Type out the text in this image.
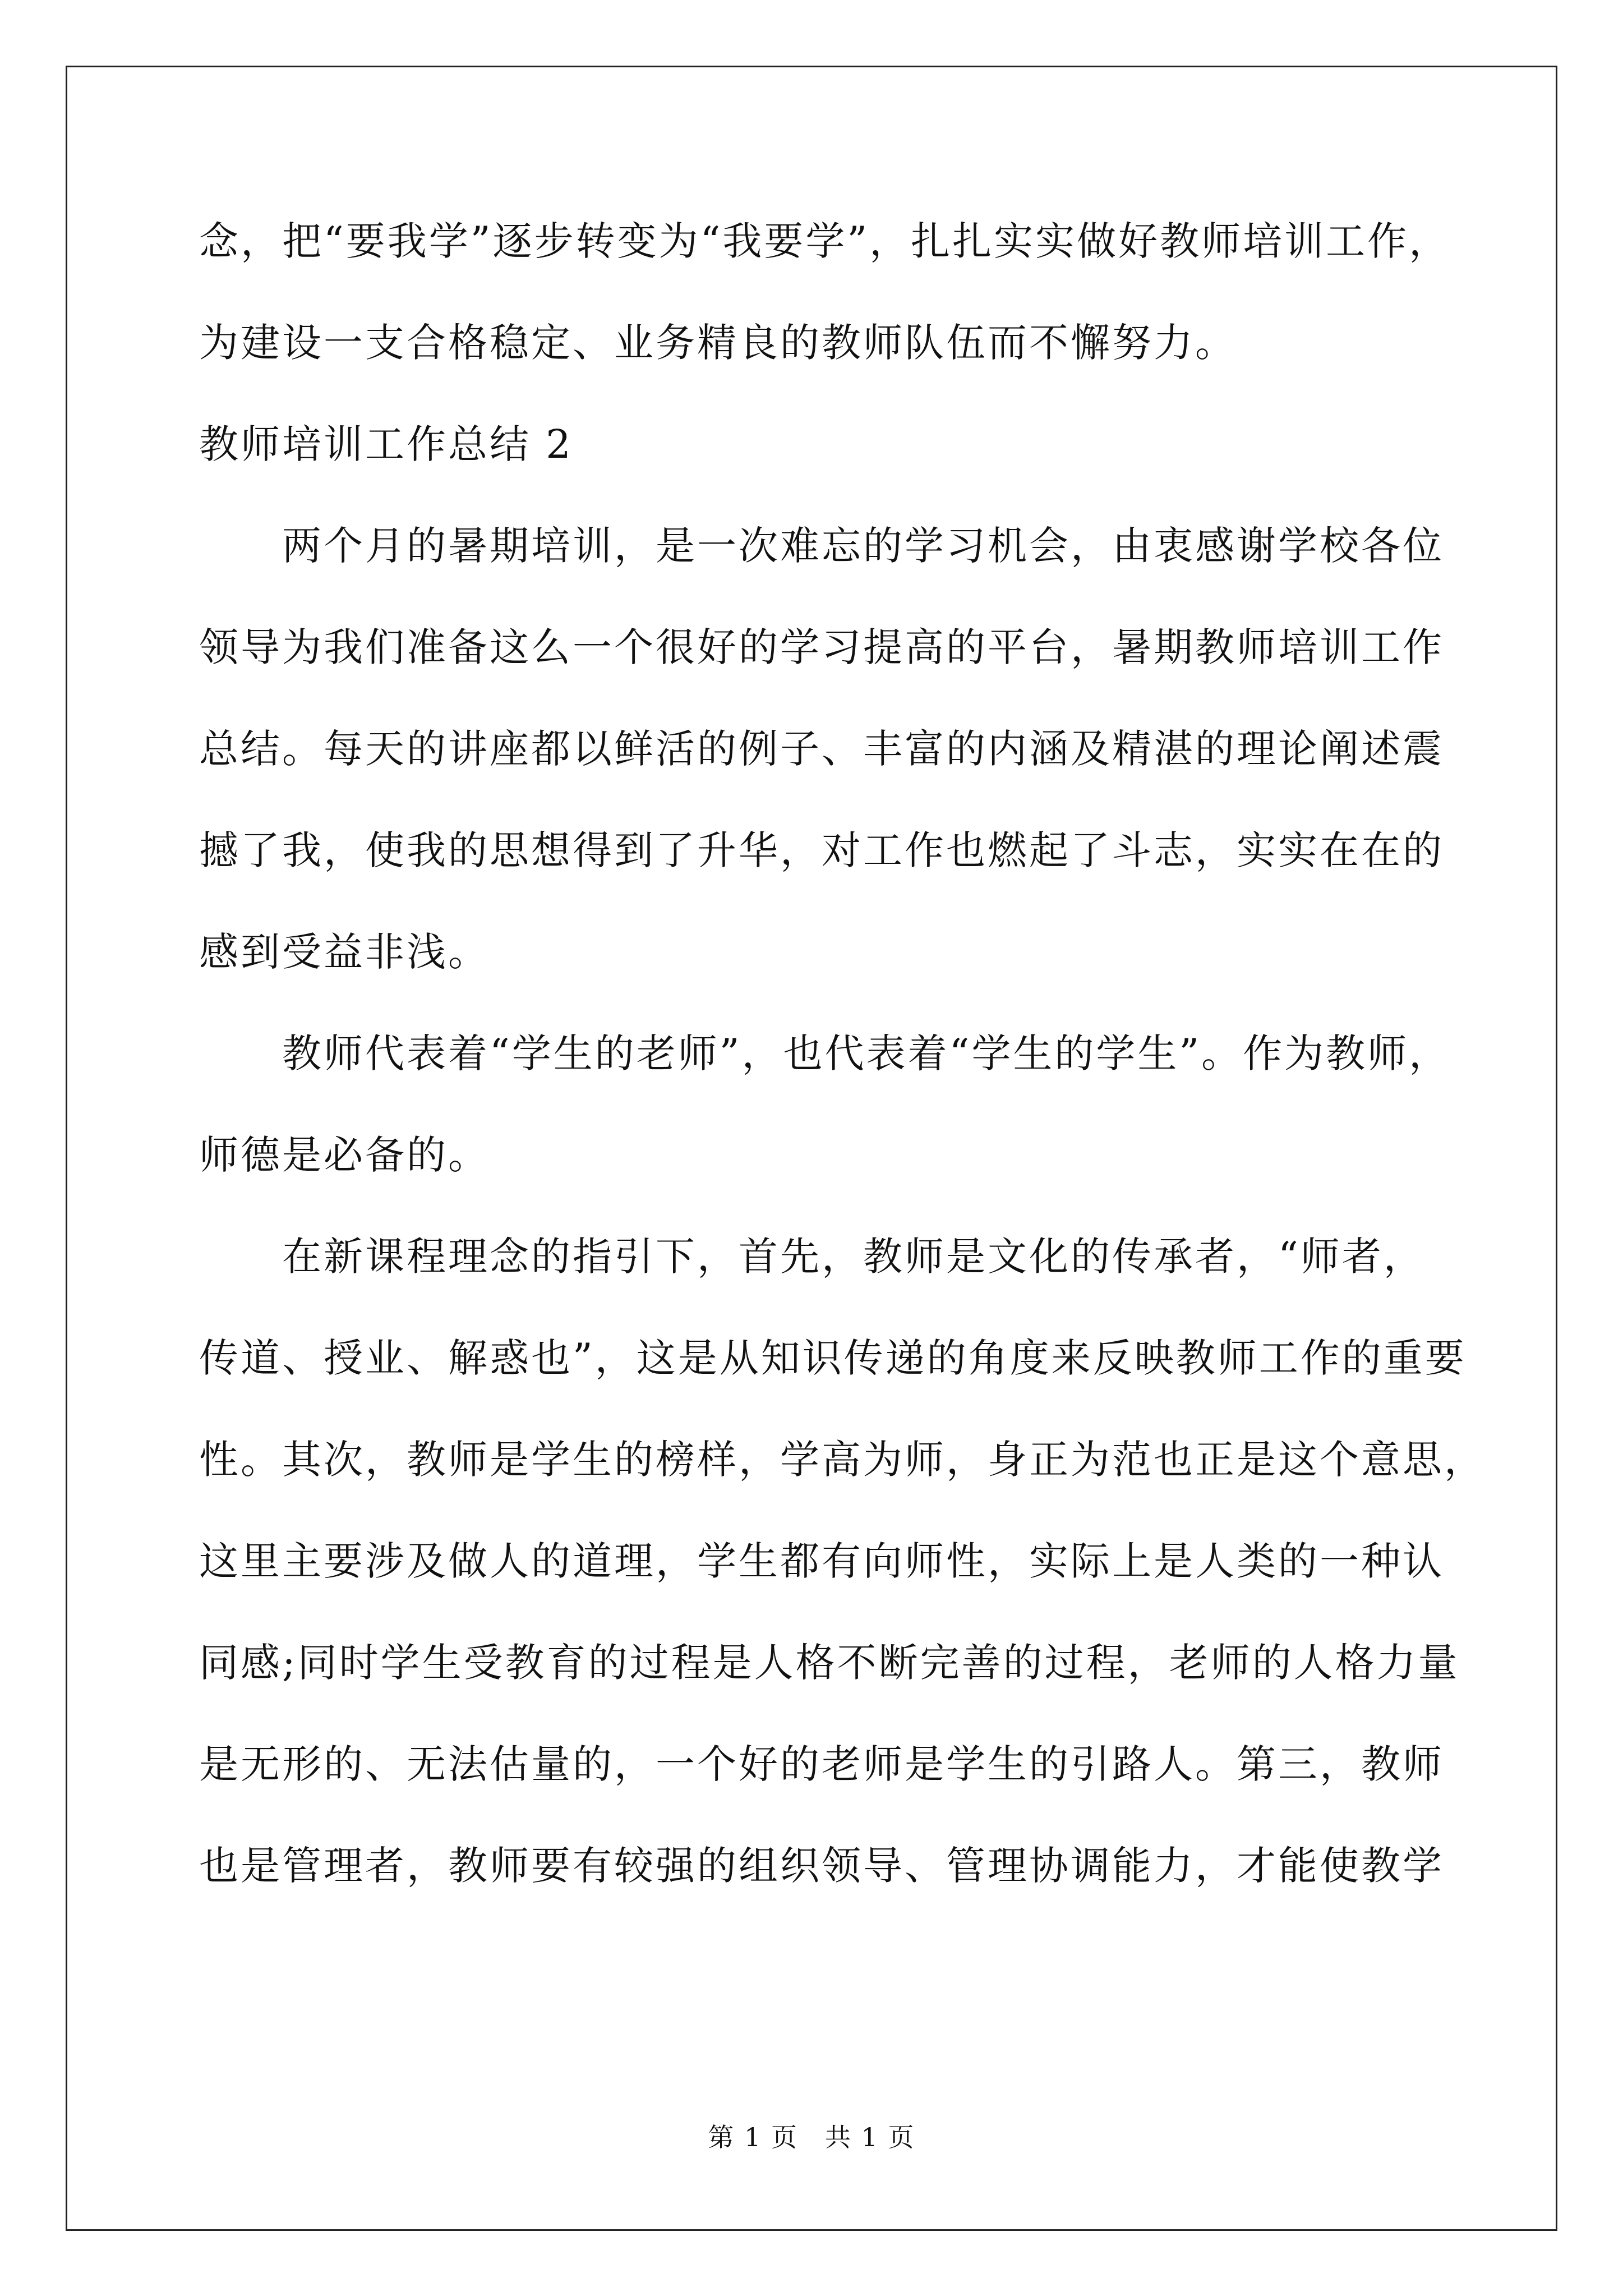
念，把“要我学”逐步转变为“我要学”，扎扎实实做好教师培训工作，

为建设一支合格稳定、业务精良的教师队伍而不懈努力。

教师培训工作总结 2

两个月的暑期培训，是一次难忘的学习机会，由衷感谢学校各位

领导为我们准备这么一个很好的学习提高的平台，暑期教师培训工作

总结。每天的讲座都以鲜活的例子、丰富的内涵及精湛的理论阐述震

撼了我，使我的思想得到了升华，对工作也燃起了斗志，实实在在的

感到受益非浅。

教师代表着“学生的老师”，也代表着“学生的学生”。作为教师，

师德是必备的。

在新课程理念的指引下，首先，教师是文化的传承者，“师者，

传道、授业、解惑也”，这是从知识传递的角度来反映教师工作的重要

性。其次，教师是学生的榜样，学高为师，身正为范也正是这个意思，

这里主要涉及做人的道理，学生都有向师性，实际上是人类的一种认

同感;同时学生受教育的过程是人格不断完善的过程，老师的人格力量

是无形的、无法估量的，一个好的老师是学生的引路人。第三，教师

也是管理者，教师要有较强的组织领导、管理协调能力，才能使教学

第 1 页　共 1 页
